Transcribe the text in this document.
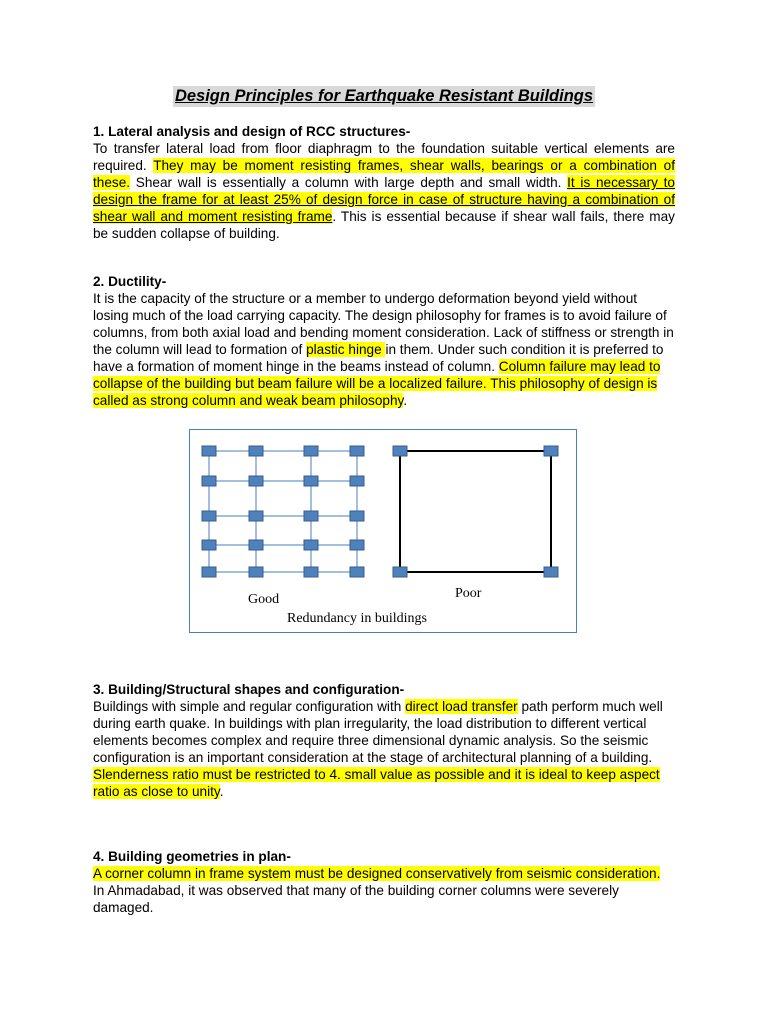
Design Principles for Earthquake Resistant Buildings
1. Lateral analysis and design of RCC structures-

To transfer lateral load from floor diaphragm to the foundation suitable vertical elements are required. They may be moment resisting frames, shear walls, bearings or a combination of these. Shear wall is essentially a column with large depth and small width. It is necessary to design the frame for at least 25% of design force in case of structure having a combination of shear wall and moment resisting frame. This is essential because if shear wall fails, there may be sudden collapse of building.

2. Ductility-

It is the capacity of the structure or a member to undergo deformation beyond yield without losing much of the load carrying capacity. The design philosophy for frames is to avoid failure of columns, from both axial load and bending moment consideration. Lack of stiffness or strength in the column will lead to formation of plastic hinge in them. Under such condition it is preferred to have a formation of moment hinge in the beams instead of column. Column failure may lead to collapse of the building but beam failure will be a localized failure. This philosophy of design is called as strong column and weak beam philosophy.

Good	Poor
Redundancy in buildings
3. Building/Structural shapes and configuration-

Buildings with simple and regular configuration with direct load transfer path perform much well during earth quake. In buildings with plan irregularity, the load distribution to different vertical elements becomes complex and require three dimensional dynamic analysis. So the seismic configuration is an important consideration at the stage of architectural planning of a building. Slenderness ratio must be restricted to 4. small value as possible and it is ideal to keep aspect ratio as close to unity.

4. Building geometries in plan-

A corner column in frame system must be designed conservatively from seismic consideration. In Ahmadabad, it was observed that many of the building corner columns were severely damaged.
